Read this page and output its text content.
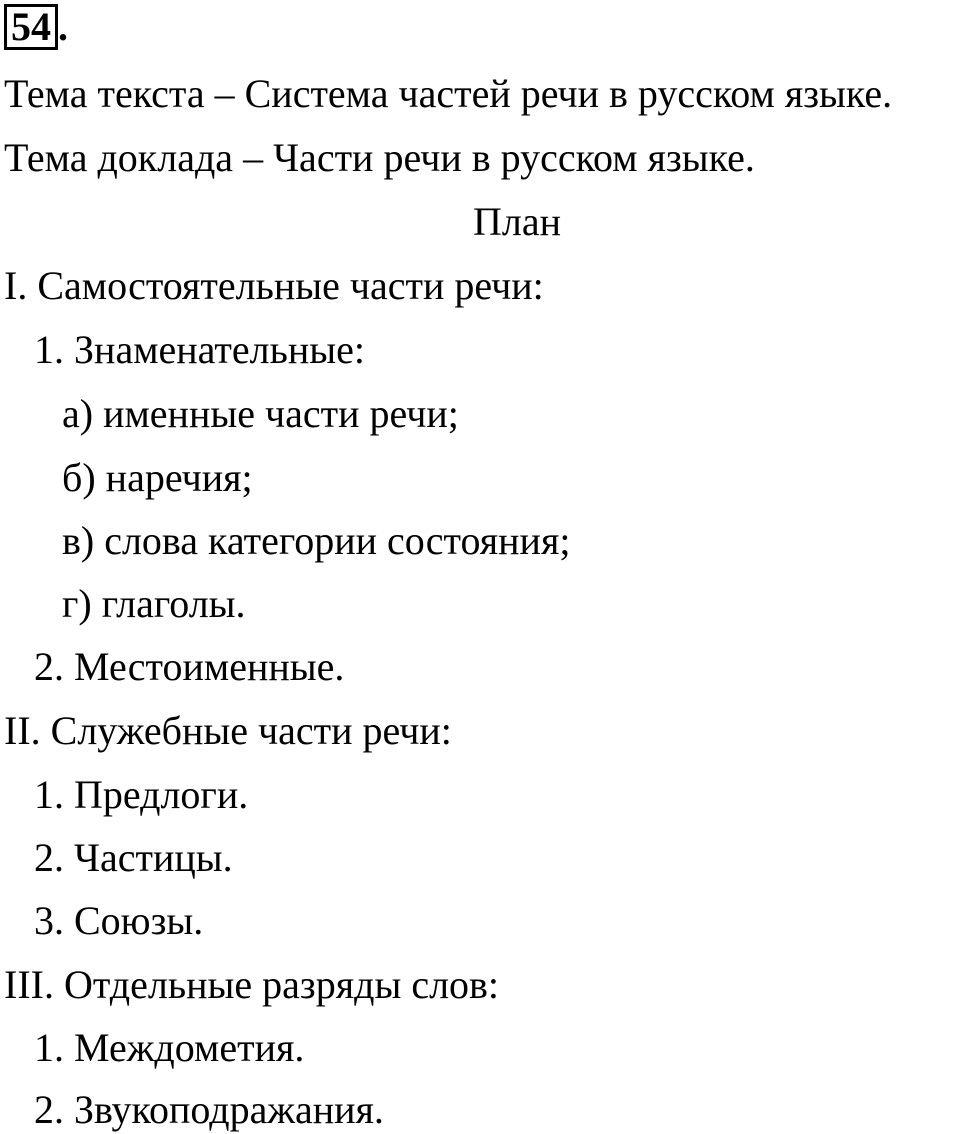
54 .
Тема текста – Система частей речи в русском языке.
Тема доклада – Части речи в русском языке.
План
I. Самостоятельные части речи:
1. Знаменательные:
а) именные части речи;
б) наречия;
в) слова категории состояния;
г) глаголы.
2. Местоименные.
II. Служебные части речи:
1. Предлоги.
2. Частицы.
3. Союзы.
III. Отдельные разряды слов:
1. Междометия.
2. Звукоподражания.
